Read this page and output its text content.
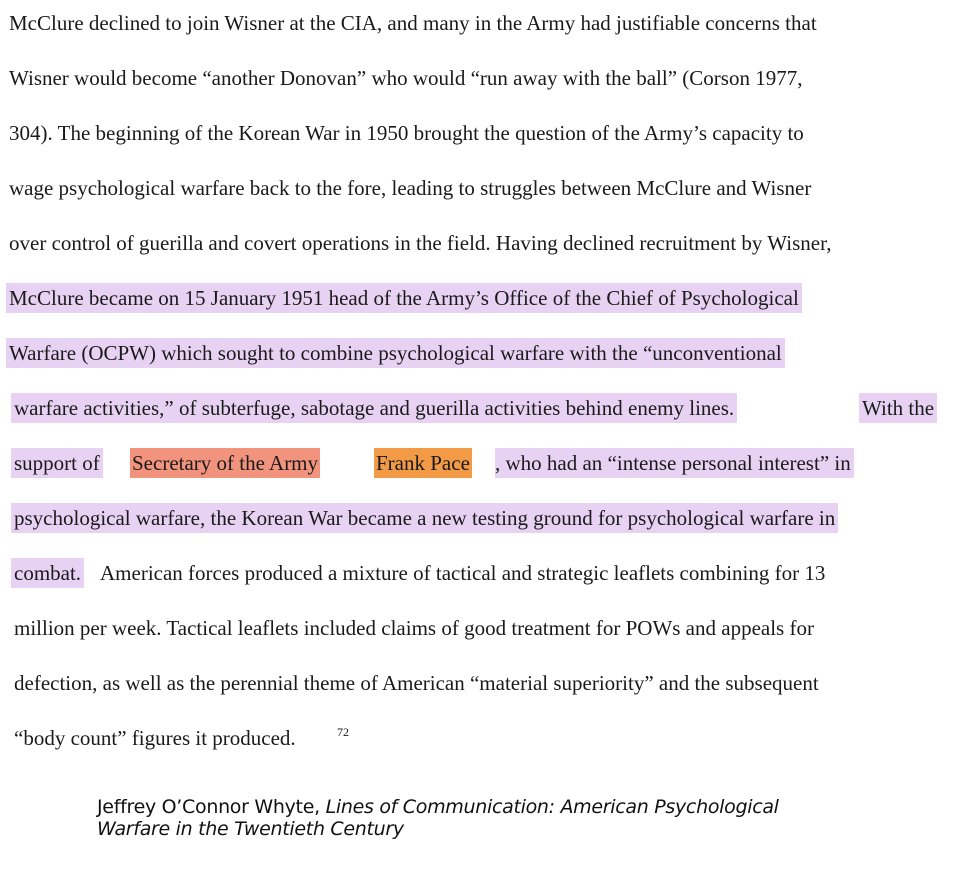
McClure declined to join Wisner at the CIA, and many in the Army had justifiable concerns that
Wisner would become “another Donovan” who would “run away with the ball” (Corson 1977,
304). The beginning of the Korean War in 1950 brought the question of the Army’s capacity to
wage psychological warfare back to the fore, leading to struggles between McClure and Wisner
over control of guerilla and covert operations in the field. Having declined recruitment by Wisner,
McClure became on 15 January 1951 head of the Army’s Office of the Chief of Psychological
Warfare (OCPW) which sought to combine psychological warfare with the “unconventional
warfare activities,” of subterfuge, sabotage and guerilla activities behind enemy lines.	With the
support of Secretary of the Army	Frank Pace , who had an “intense personal interest” in
psychological warfare, the Korean War became a new testing ground for psychological warfare in
combat. American forces produced a mixture of tactical and strategic leaflets combining for 13
million per week. Tactical leaflets included claims of good treatment for POWs and appeals for
defection, as well as the perennial theme of American “material superiority” and the subsequent
“body count” figures it produced.	$^{72}$
Jeffrey O’Connor Whyte, Lines of Communication: American Psychological
Warfare in the Twentieth Century
